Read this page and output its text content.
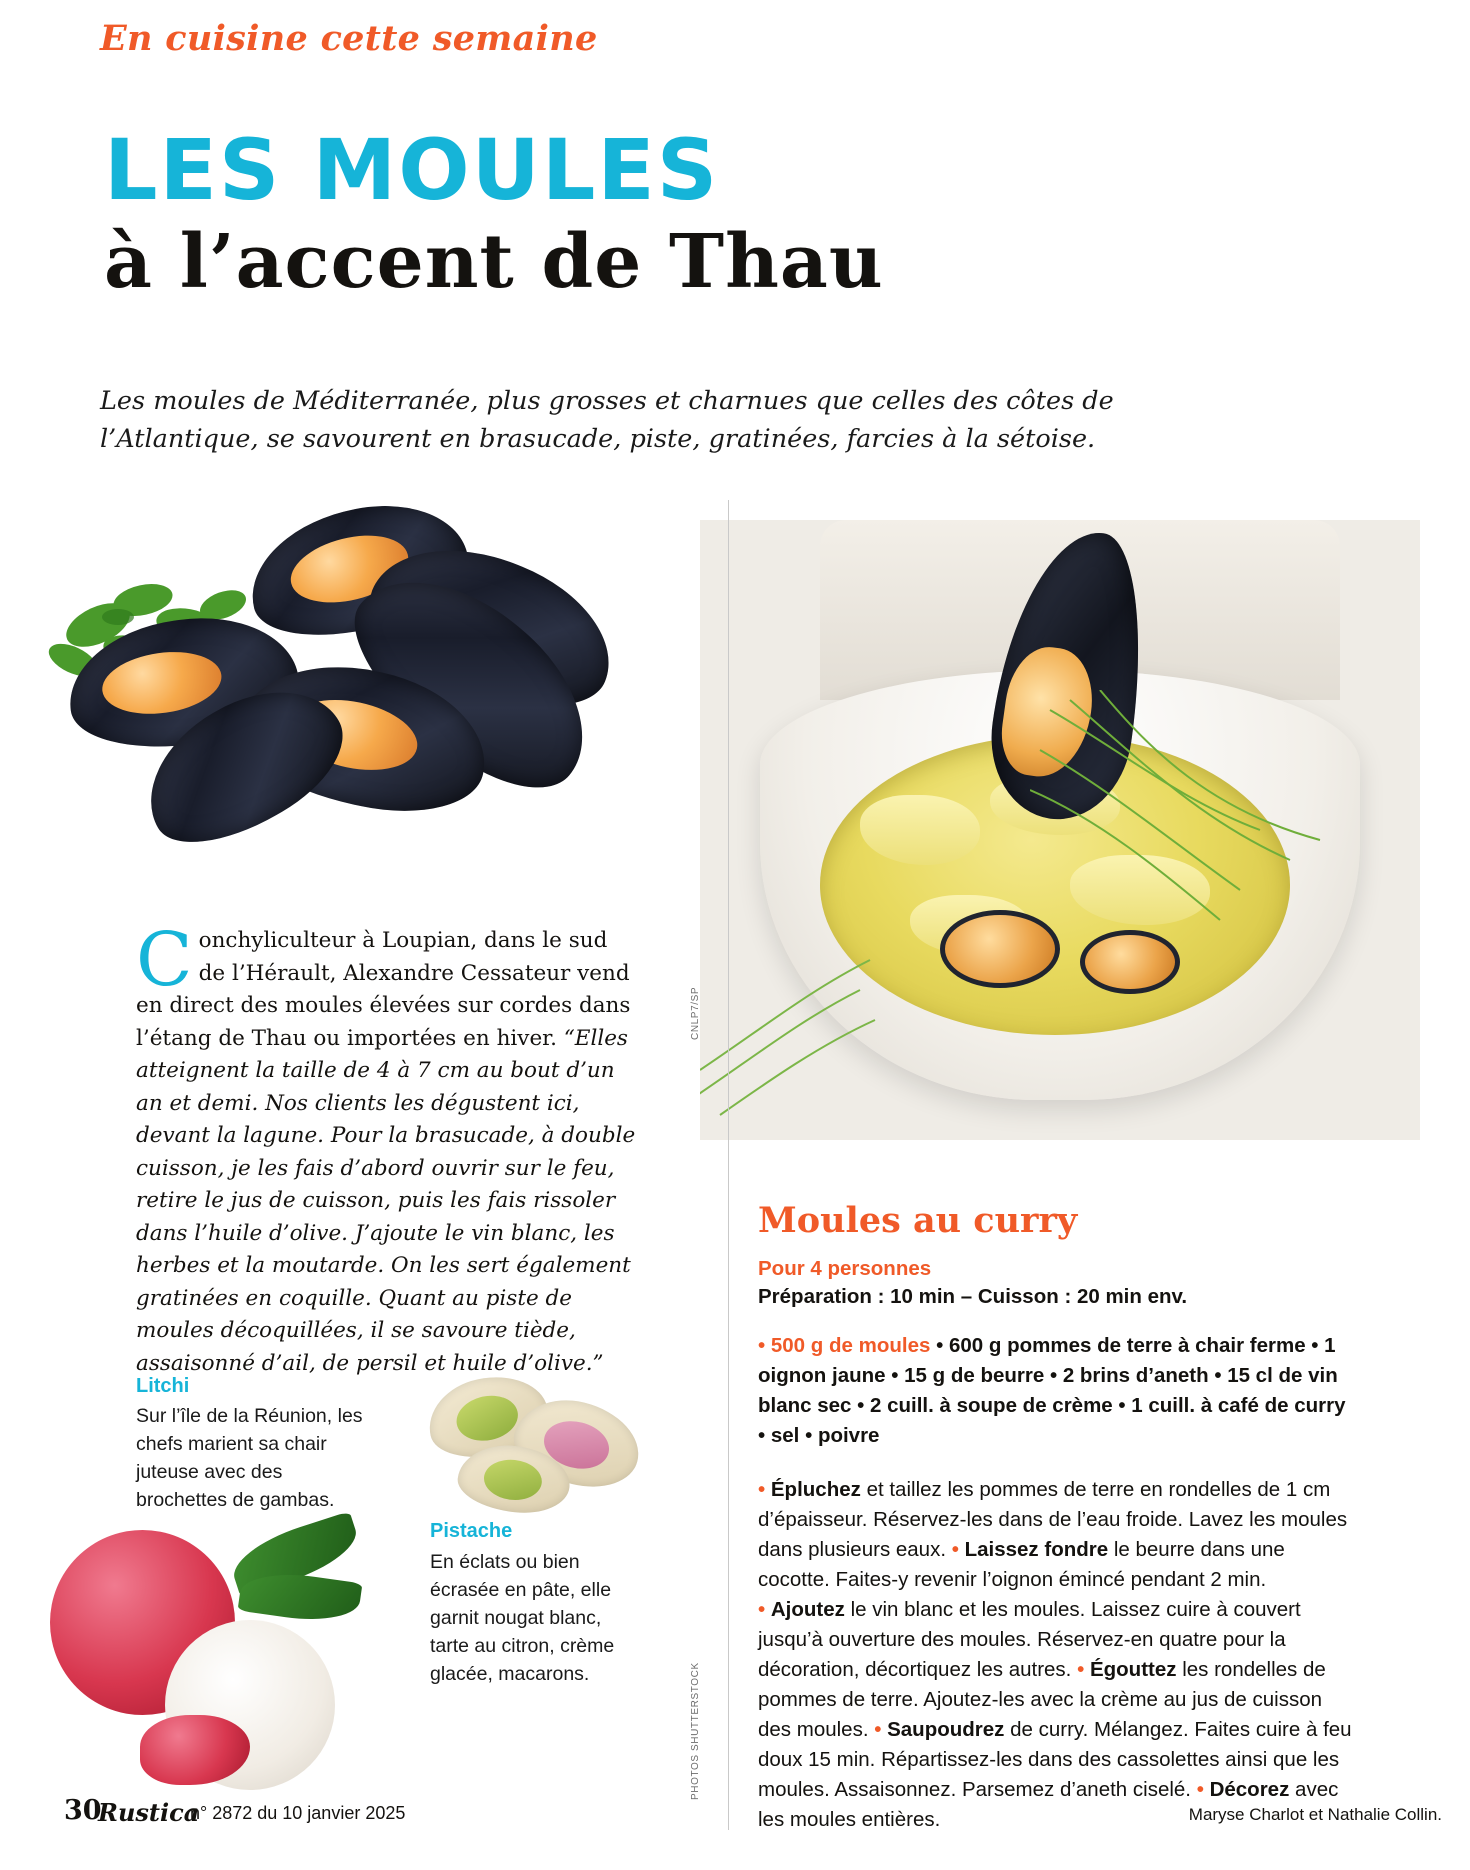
En cuisine cette semaine
LES MOULES
à l’accent de Thau
Les moules de Méditerranée, plus grosses et charnues que celles des côtes de l’Atlantique, se savourent en brasucade, piste, gratinées, farcies à la sétoise.
CNLP7/SP
PHOTOS SHUTTERSTOCK
Conchyliculteur à Loupian, dans le sud de l’Hérault, Alexandre Cessateur vend en direct des moules élevées sur cordes dans l’étang de Thau ou importées en hiver. “Elles atteignent la taille de 4 à 7 cm au bout d’un an et demi. Nos clients les dégustent ici, devant la lagune. Pour la brasucade, à double cuisson, je les fais d’abord ouvrir sur le feu, retire le jus de cuisson, puis les fais rissoler dans l’huile d’olive. J’ajoute le vin blanc, les herbes et la moutarde. On les sert également gratinées en coquille. Quant au piste de moules décoquillées, il se savoure tiède, assaisonné d’ail, de persil et huile d’olive.”
Litchi
Sur l’île de la Réunion, les chefs marient sa chair juteuse avec des brochettes de gambas.
Pistache
En éclats ou bien écrasée en pâte, elle garnit nougat blanc, tarte au citron, crème glacée, macarons.
Moules au curry
Pour 4 personnes
Préparation : 10 min – Cuisson : 20 min env.
• 500 g de moules • 600 g pommes de terre à chair ferme • 1 oignon jaune • 15 g de beurre • 2 brins d’aneth • 15 cl de vin blanc sec • 2 cuill. à soupe de crème • 1 cuill. à café de curry • sel • poivre
• Épluchez et taillez les pommes de terre en rondelles de 1 cm d’épaisseur. Réservez-les dans de l’eau froide. Lavez les moules dans plusieurs eaux. • Laissez fondre le beurre dans une cocotte. Faites-y revenir l’oignon émincé pendant 2 min. • Ajoutez le vin blanc et les moules. Laissez cuire à couvert jusqu’à ouverture des moules. Réservez-en quatre pour la décoration, décortiquez les autres. • Égouttez les rondelles de pommes de terre. Ajoutez-les avec la crème au jus de cuisson des moules. • Saupoudrez de curry. Mélangez. Faites cuire à feu doux 15 min. Répartissez-les dans des cassolettes ainsi que les moules. Assaisonnez. Parsemez d’aneth ciselé. • Décorez avec les moules entières.
30
Rustica
n° 2872 du 10 janvier 2025	Maryse Charlot et Nathalie Collin.
